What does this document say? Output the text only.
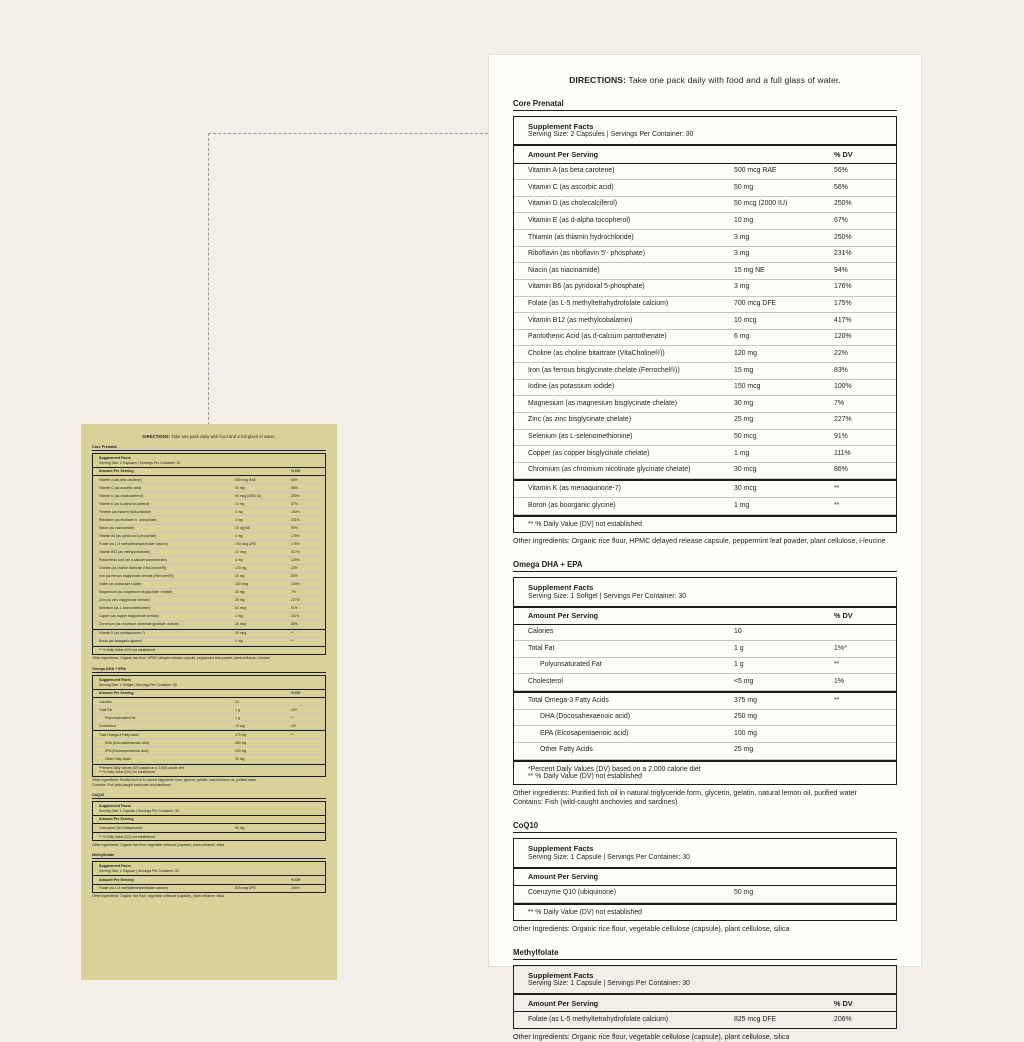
DIRECTIONS: Take one pack daily with food and a full glass of water.
Core Prenatal
Supplement Facts
Serving Size: 2 Capsules | Servings Per Container: 30
Amount Per Serving	% DV
Vitamin A (as beta carotene)	500 mcg RAE	56%
Vitamin C (as ascorbic acid)	50 mg	56%
Vitamin D (as cholecalciferol)	50 mcg (2000 IU)	250%
Vitamin E (as d-alpha tocopherol)	10 mg	67%
Thiamin (as thiamin hydrochloride)	3 mg	250%
Riboflavin (as riboflavin 5'- phosphate)	3 mg	231%
Niacin (as niacinamide)	15 mg NE	94%
Vitamin B6 (as pyridoxal 5-phosphate)	3 mg	176%
Folate (as L-5 methyltetrahydrofolate calcium)	700 mcg DFE	175%
Vitamin B12 (as methylcobalamin)	10 mcg	417%
Pantothenic Acid (as d-calcium pantothenate)	6 mg	120%
Choline (as choline bitartrate (VitaCholine®))	120 mg	22%
Iron (as ferrous bisglycinate chelate (Ferrochel®))	15 mg	83%
Iodine (as potassium iodide)	150 mcg	100%
Magnesium (as magnesium bisglycinate chelate)	30 mg	7%
Zinc (as zinc bisglycinate chelate)	25 mg	227%
Selenium (as L-selenomethionine)	50 mcg	91%
Copper (as copper bisglycinate chelate)	1 mg	111%
Chromium (as chromium nicotinate glycinate chelate)	30 mcg	86%
Vitamin K (as menaquinone-7)	30 mcg	**
Boron (as boorganic glycine)	1 mg	**
** % Daily Value (DV) not established
Other Ingredients: Organic rice flour, HPMC delayed release capsule, peppermint leaf powder, plant cellulose, l-leucine
Omega DHA + EPA
Supplement Facts
Serving Size: 1 Softgel | Servings Per Container: 30
Amount Per Serving	% DV
Calories	10
Total Fat	1 g	1%*
Polyunsaturated Fat	1 g	**
Cholesterol	<5 mg	1%
Total Omega-3 Fatty Acids	375 mg	**
DHA (Docosahexaenoic acid)	250 mg
EPA (Eicosapentaenoic acid)	100 mg
Other Fatty Acids	25 mg
*Percent Daily Values (DV) based on a 2,000 calorie diet
** % Daily Value (DV) not established
Other ingredients: Purified fish oil in natural triglyceride form, glycerin, gelatin, natural lemon oil, purified water
Contains: Fish (wild-caught anchovies and sardines)
CoQ10
Supplement Facts
Serving Size: 1 Capsule | Servings Per Container: 30
Amount Per Serving
Coenzyme Q10 (ubiquinone)	50 mg
** % Daily Value (DV) not established
Other Ingredients: Organic rice flour, vegetable cellulose (capsule), plant cellulose, silica
Methylfolate
Supplement Facts
Serving Size: 1 Capsule | Servings Per Container: 30
Amount Per Serving	% DV
Folate (as L-5 methyltetrahydrofolate calcium)	825 mcg DFE	206%
Other Ingredients: Organic rice flour, vegetable cellulose (capsule), plant cellulose, silica
DIRECTIONS: Take one pack daily with food and a full glass of water.
Core Prenatal
Supplement Facts
Serving Size: 2 Capsules | Servings Per Container: 30
Amount Per Serving	% DV
Vitamin A (as beta carotene)	500 mcg RAE	56%
Vitamin C (as ascorbic acid)	50 mg	56%
Vitamin D (as cholecalciferol)	50 mcg (2000 IU)	250%
Vitamin E (as d-alpha tocopherol)	10 mg	67%
Thiamin (as thiamin hydrochloride)	3 mg	250%
Riboflavin (as riboflavin 5'- phosphate)	3 mg	231%
Niacin (as niacinamide)	15 mg NE	94%
Vitamin B6 (as pyridoxal 5-phosphate)	3 mg	176%
Folate (as L-5 methyltetrahydrofolate calcium)	700 mcg DFE	175%
Vitamin B12 (as methylcobalamin)	10 mcg	417%
Pantothenic Acid (as d-calcium pantothenate)	6 mg	120%
Choline (as choline bitartrate (VitaCholine®))	120 mg	22%
Iron (as ferrous bisglycinate chelate (Ferrochel®))	15 mg	83%
Iodine (as potassium iodide)	150 mcg	100%
Magnesium (as magnesium bisglycinate chelate)	30 mg	7%
Zinc (as zinc bisglycinate chelate)	25 mg	227%
Selenium (as L-selenomethionine)	50 mcg	91%
Copper (as copper bisglycinate chelate)	1 mg	111%
Chromium (as chromium nicotinate glycinate chelate)	30 mcg	86%
Vitamin K (as menaquinone-7)	30 mcg	**
Boron (as boorganic glycine)	1 mg	**
** % Daily Value (DV) not established
Other Ingredients: Organic rice flour, HPMC delayed release capsule, peppermint leaf powder, plant cellulose, l-leucine
Omega DHA + EPA
Supplement Facts
Serving Size: 1 Softgel | Servings Per Container: 30
Amount Per Serving	% DV
Calories	10
Total Fat	1 g	1%*
Polyunsaturated Fat	1 g	**
Cholesterol	<5 mg	1%
Total Omega-3 Fatty Acids	375 mg	**
DHA (Docosahexaenoic acid)	250 mg
EPA (Eicosapentaenoic acid)	100 mg
Other Fatty Acids	25 mg
*Percent Daily Values (DV) based on a 2,000 calorie diet
** % Daily Value (DV) not established
Other ingredients: Purified fish oil in natural triglyceride form, glycerin, gelatin, natural lemon oil, purified water
Contains: Fish (wild-caught anchovies and sardines)
CoQ10
Supplement Facts
Serving Size: 1 Capsule | Servings Per Container: 30
Amount Per Serving
Coenzyme Q10 (ubiquinone)	50 mg
** % Daily Value (DV) not established
Other Ingredients: Organic rice flour, vegetable cellulose (capsule), plant cellulose, silica
Methylfolate
Supplement Facts
Serving Size: 1 Capsule | Servings Per Container: 30
Amount Per Serving	% DV
Folate (as L-5 methyltetrahydrofolate calcium)	825 mcg DFE	206%
Other Ingredients: Organic rice flour, vegetable cellulose (capsule), plant cellulose, silica
